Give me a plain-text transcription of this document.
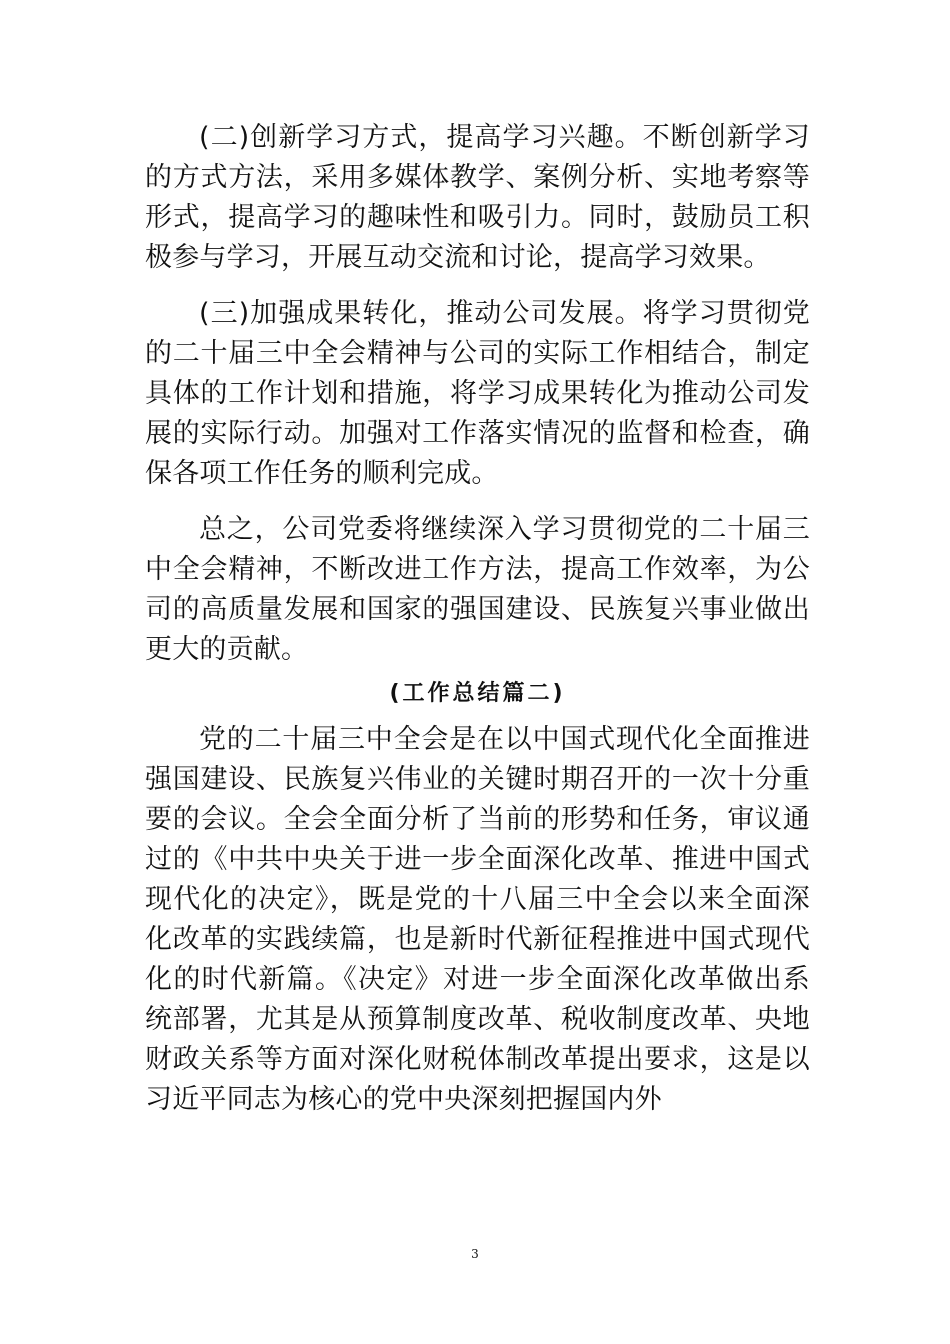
(二)创新学习方式，提高学习兴趣。不断创新学习的方式方法，采用多媒体教学、案例分析、实地考察等形式，提高学习的趣味性和吸引力。同时，鼓励员工积极参与学习，开展互动交流和讨论，提高学习效果。

(三)加强成果转化，推动公司发展。将学习贯彻党的二十届三中全会精神与公司的实际工作相结合，制定具体的工作计划和措施，将学习成果转化为推动公司发展的实际行动。加强对工作落实情况的监督和检查，确保各项工作任务的顺利完成。

总之，公司党委将继续深入学习贯彻党的二十届三中全会精神，不断改进工作方法，提高工作效率，为公司的高质量发展和国家的强国建设、民族复兴事业做出更大的贡献。

(工作总结篇二)

党的二十届三中全会是在以中国式现代化全面推进强国建设、民族复兴伟业的关键时期召开的一次十分重要的会议。全会全面分析了当前的形势和任务，审议通过的《中共中央关于进一步全面深化改革、推进中国式现代化的决定》，既是党的十八届三中全会以来全面深化改革的实践续篇，也是新时代新征程推进中国式现代化的时代新篇。《决定》对进一步全面深化改革做出系统部署，尤其是从预算制度改革、税收制度改革、央地财政关系等方面对深化财税体制改革提出要求，这是以习近平同志为核心的党中央深刻把握国内外

3
